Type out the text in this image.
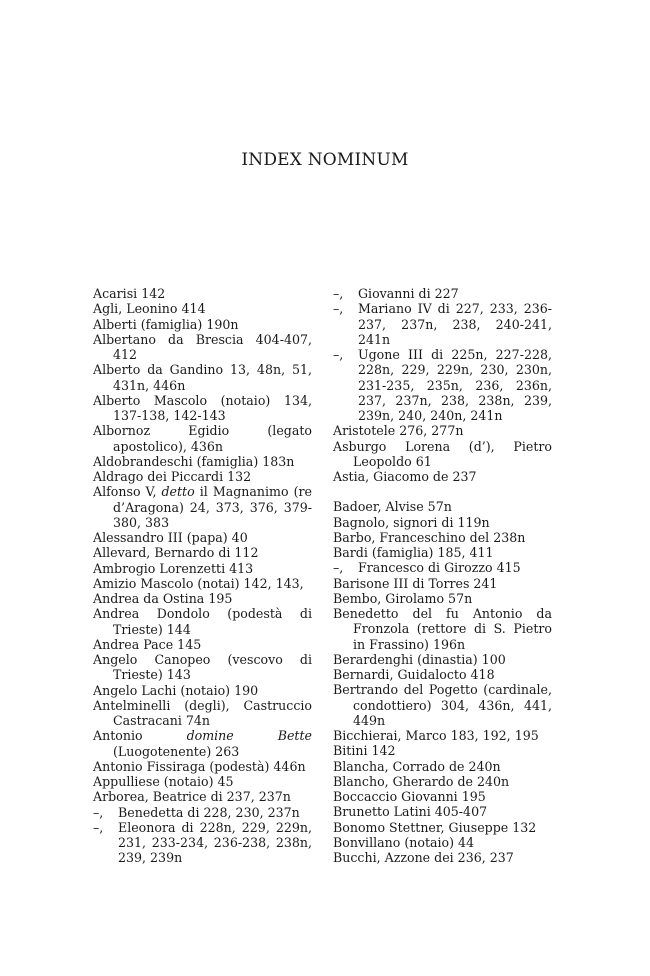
INDEX NOMINUM
Acarisi 142
Agli, Leonino 414
Alberti (famiglia) 190n
Albertano da Brescia 404-407, 412
Alberto da Gandino 13, 48n, 51, 431n, 446n
Alberto Mascolo (notaio) 134, 137-138, 142-143
Albornoz Egidio (legato apostolico), 436n
Aldobrandeschi (famiglia) 183n
Aldrago dei Piccardi 132
Alfonso V, detto il Magnanimo (re d’Aragona) 24, 373, 376, 379-380, 383
Alessandro III (papa) 40
Allevard, Bernardo di 112
Ambrogio Lorenzetti 413
Amizio Mascolo (notai) 142, 143,
Andrea da Ostina 195
Andrea Dondolo (podestà di Trieste) 144
Andrea Pace 145
Angelo Canopeo (vescovo di Trieste) 143
Angelo Lachi (notaio) 190
Antelminelli (degli), Castruccio Castracani 74n
Antonio domine Bette (Luogotenente) 263
Antonio Fissiraga (podestà) 446n
Appulliese (notaio) 45
Arborea, Beatrice di 237, 237n
–,	Benedetta di 228, 230, 237n
–,	Eleonora di 228n, 229, 229n, 231, 233-234, 236-238, 238n, 239, 239n
–,	Giovanni di 227
–,	Mariano IV di 227, 233, 236-237, 237n, 238, 240-241, 241n
–,	Ugone III di 225n, 227-228, 228n, 229, 229n, 230, 230n, 231-235, 235n, 236, 236n, 237, 237n, 238, 238n, 239, 239n, 240, 240n, 241n
Aristotele 276, 277n
Asburgo Lorena (d’), Pietro Leopoldo 61
Astia, Giacomo de 237
Badoer, Alvise 57n
Bagnolo, signori di 119n
Barbo, Franceschino del 238n
Bardi (famiglia) 185, 411
–,	Francesco di Girozzo 415
Barisone III di Torres 241
Bembo, Girolamo 57n
Benedetto del fu Antonio da Fronzola (rettore di S. Pietro in Frassino) 196n
Berardenghi (dinastia) 100
Bernardi, Guidalocto 418
Bertrando del Pogetto (cardinale, condottiero) 304, 436n, 441, 449n
Bicchierai, Marco 183, 192, 195
Bitini 142
Blancha, Corrado de 240n
Blancho, Gherardo de 240n
Boccaccio Giovanni 195
Brunetto Latini 405-407
Bonomo Stettner, Giuseppe 132
Bonvillano (notaio) 44
Bucchi, Azzone dei 236, 237
